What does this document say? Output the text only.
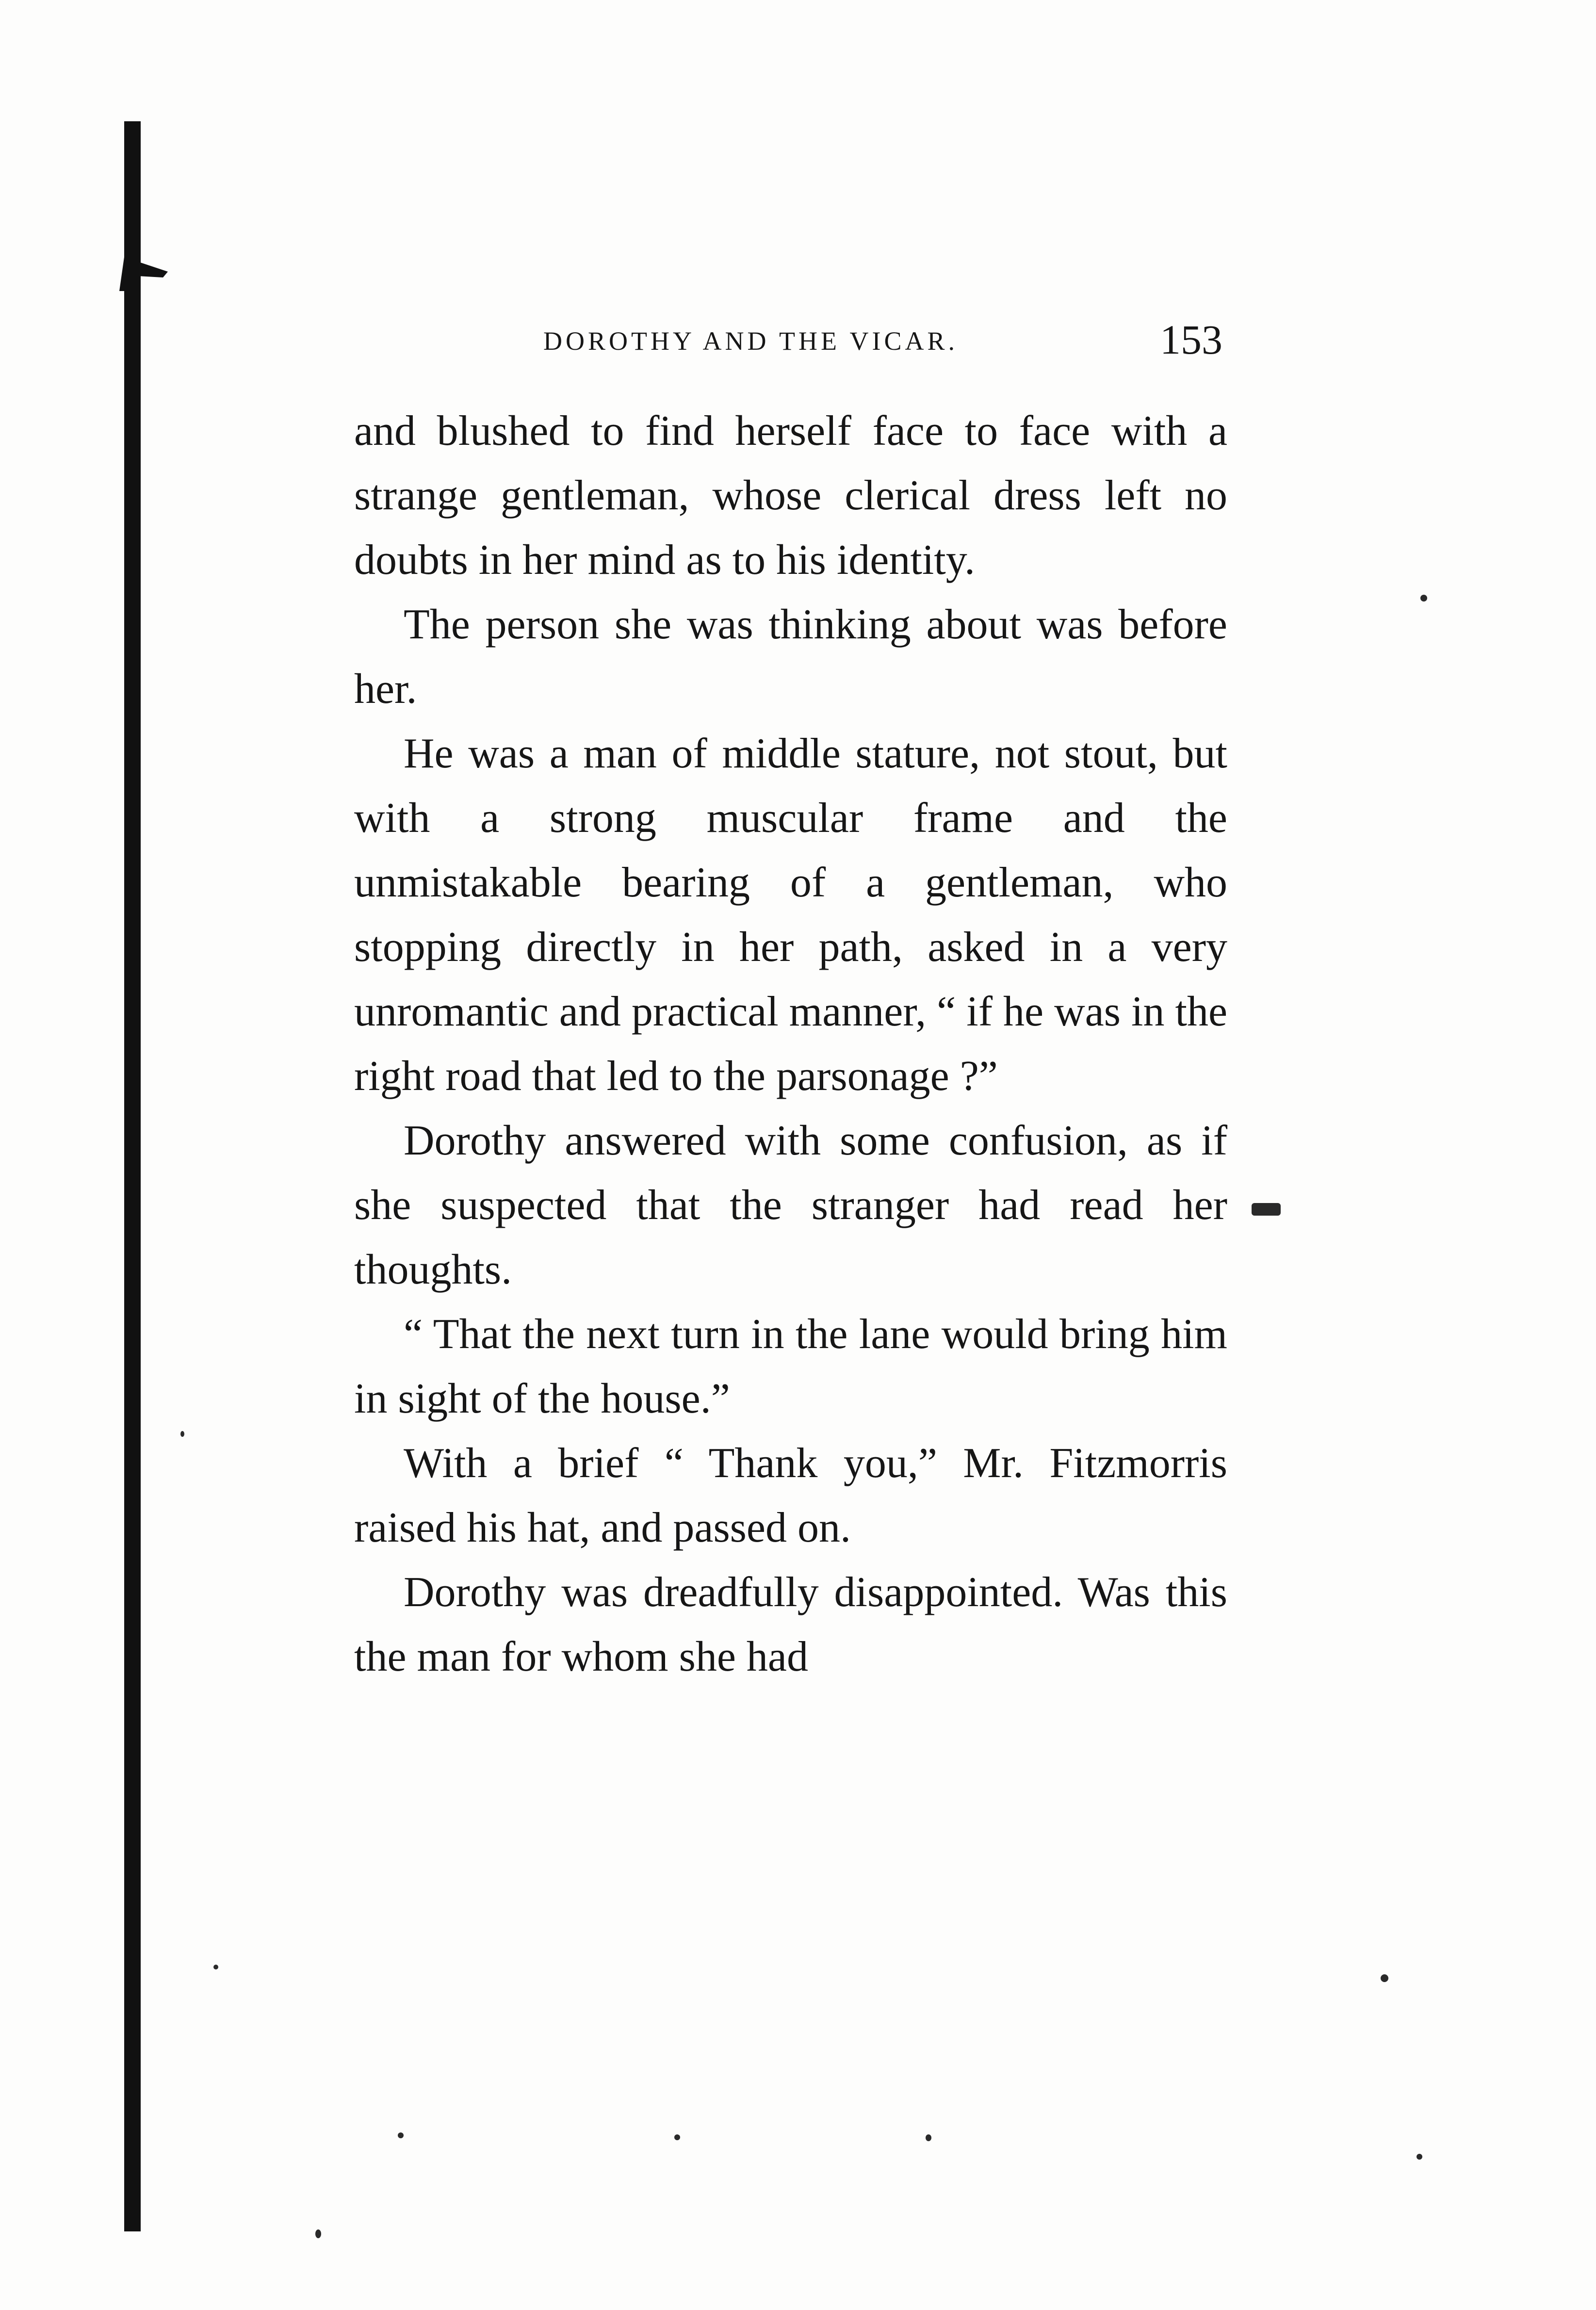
DOROTHY AND THE VICAR.	153

and blushed to find herself face to face with a strange gentleman, whose clerical dress left no doubts in her mind as to his identity.

The person she was thinking about was before her.

He was a man of middle stature, not stout, but with a strong muscular frame and the unmistakable bearing of a gentleman, who stopping directly in her path, asked in a very unromantic and practical manner, “ if he was in the right road that led to the parsonage ?”

Dorothy answered with some confusion, as if she suspected that the stranger had read her thoughts.

“ That the next turn in the lane would bring him in sight of the house.”

With a brief “ Thank you,” Mr. Fitzmorris raised his hat, and passed on.

Dorothy was dreadfully disappointed. Was this the man for whom she had
